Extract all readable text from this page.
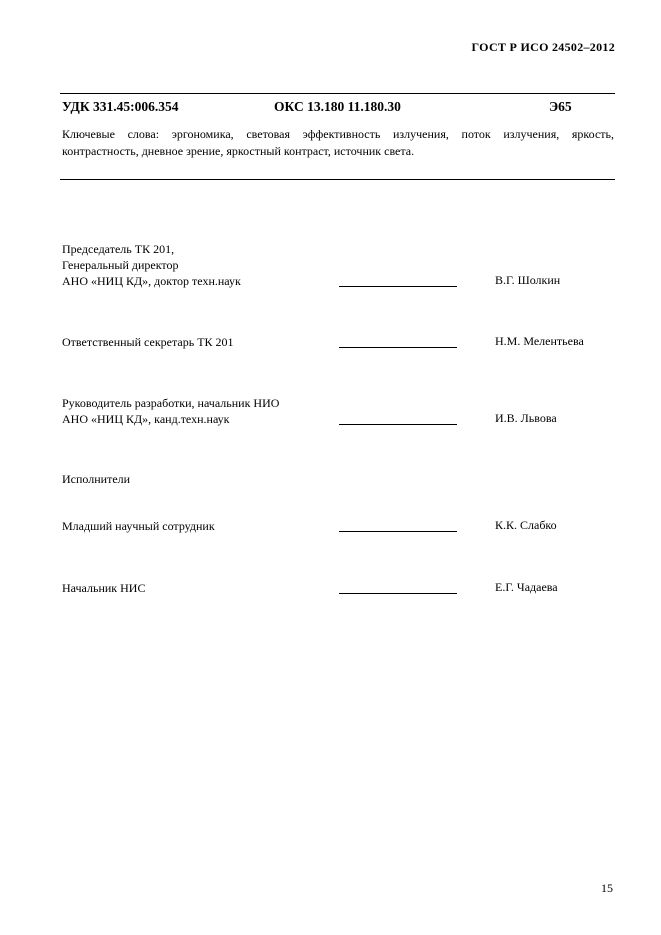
ГОСТ Р ИСО 24502–2012
УДК 331.45:006.354	ОКС 13.180 11.180.30	Э65
Ключевые слова: эргономика, световая эффективность излучения, поток излучения, яркость, контрастность, дневное зрение, яркостный контраст, источник света.
Председатель ТК 201,
Генеральный директор
АНО «НИЦ КД», доктор техн.наук	В.Г. Шолкин
Ответственный секретарь ТК 201	Н.М. Мелентьева
Руководитель разработки, начальник НИО
АНО «НИЦ КД», канд.техн.наук	И.В. Львова
Исполнители
Младший научный сотрудник	К.К. Слабко
Начальник НИС	Е.Г. Чадаева
15
